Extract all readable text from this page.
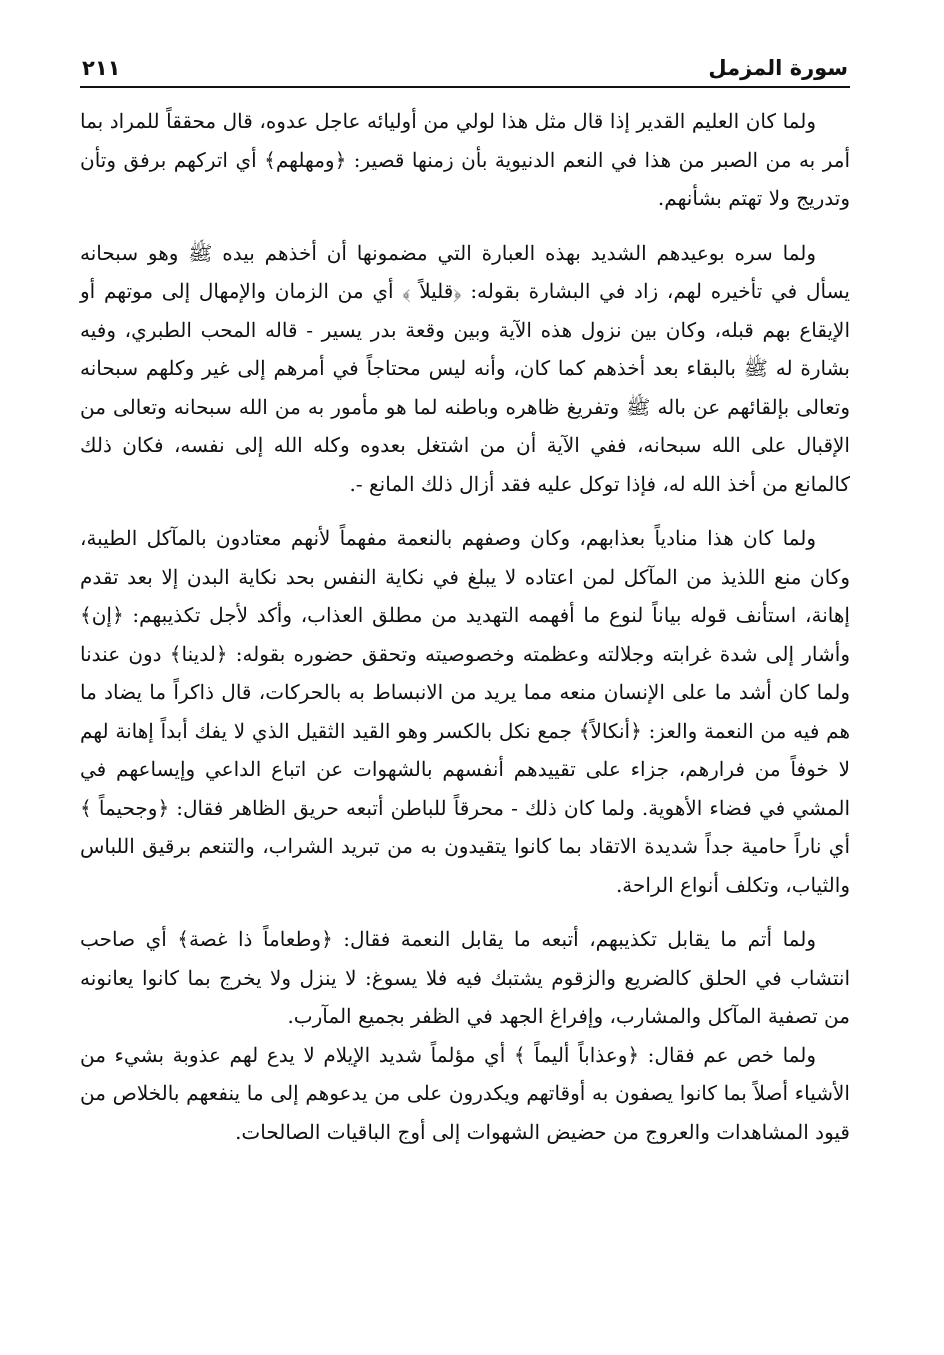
سورة المزمل
٢١١

ولما كان العليم القدير إذا قال مثل هذا لولي من أوليائه عاجل عدوه، قال محققاً للمراد بما أمر به من الصبر من هذا في النعم الدنيوية بأن زمنها قصير: ﴿ومهلهم﴾ أي اتركهم برفق وتأن وتدريج ولا تهتم بشأنهم.

ولما سره بوعيدهم الشديد بهذه العبارة التي مضمونها أن أخذهم بيده ﷺ وهو سبحانه يسأل في تأخيره لهم، زاد في البشارة بقوله: ﴿قليلاً ﴾ أي من الزمان والإمهال إلى موتهم أو الإيقاع بهم قبله، وكان بين نزول هذه الآية وبين وقعة بدر يسير - قاله المحب الطبري، وفيه بشارة له ﷺ بالبقاء بعد أخذهم كما كان، وأنه ليس محتاجاً في أمرهم إلى غير وكلهم سبحانه وتعالى بإلقائهم عن باله ﷺ وتفريغ ظاهره وباطنه لما هو مأمور به من الله سبحانه وتعالى من الإقبال على الله سبحانه، ففي الآية أن من اشتغل بعدوه وكله الله إلى نفسه، فكان ذلك كالمانع من أخذ الله له، فإذا توكل عليه فقد أزال ذلك المانع -.

ولما كان هذا منادياً بعذابهم، وكان وصفهم بالنعمة مفهماً لأنهم معتادون بالمآكل الطيبة، وكان منع اللذيذ من المآكل لمن اعتاده لا يبلغ في نكاية النفس بحد نكاية البدن إلا بعد تقدم إهانة، استأنف قوله بياناً لنوع ما أفهمه التهديد من مطلق العذاب، وأكد لأجل تكذيبهم: ﴿إن﴾ وأشار إلى شدة غرابته وجلالته وعظمته وخصوصيته وتحقق حضوره بقوله: ﴿لدينا﴾ دون عندنا ولما كان أشد ما على الإنسان منعه مما يريد من الانبساط به بالحركات، قال ذاكراً ما يضاد ما هم فيه من النعمة والعز: ﴿أنكالاً﴾ جمع نكل بالكسر وهو القيد الثقيل الذي لا يفك أبداً إهانة لهم لا خوفاً من فرارهم، جزاء على تقييدهم أنفسهم بالشهوات عن اتباع الداعي وإيساعهم في المشي في فضاء الأهوية. ولما كان ذلك - محرقاً للباطن أتبعه حريق الظاهر فقال: ﴿وجحيماً ﴾ أي ناراً حامية جداً شديدة الاتقاد بما كانوا يتقيدون به من تبريد الشراب، والتنعم برقيق اللباس والثياب، وتكلف أنواع الراحة.

ولما أتم ما يقابل تكذيبهم، أتبعه ما يقابل النعمة فقال: ﴿وطعاماً ذا غصة﴾ أي صاحب انتشاب في الحلق كالضريع والزقوم يشتبك فيه فلا يسوغ: لا ينزل ولا يخرج بما كانوا يعانونه من تصفية المآكل والمشارب، وإفراغ الجهد في الظفر بجميع المآرب.

ولما خص عم فقال: ﴿وعذاباً أليماً ﴾ أي مؤلماً شديد الإيلام لا يدع لهم عذوبة بشيء من الأشياء أصلاً بما كانوا يصفون به أوقاتهم ويكدرون على من يدعوهم إلى ما ينفعهم بالخلاص من قيود المشاهدات والعروج من حضيض الشهوات إلى أوج الباقيات الصالحات.
